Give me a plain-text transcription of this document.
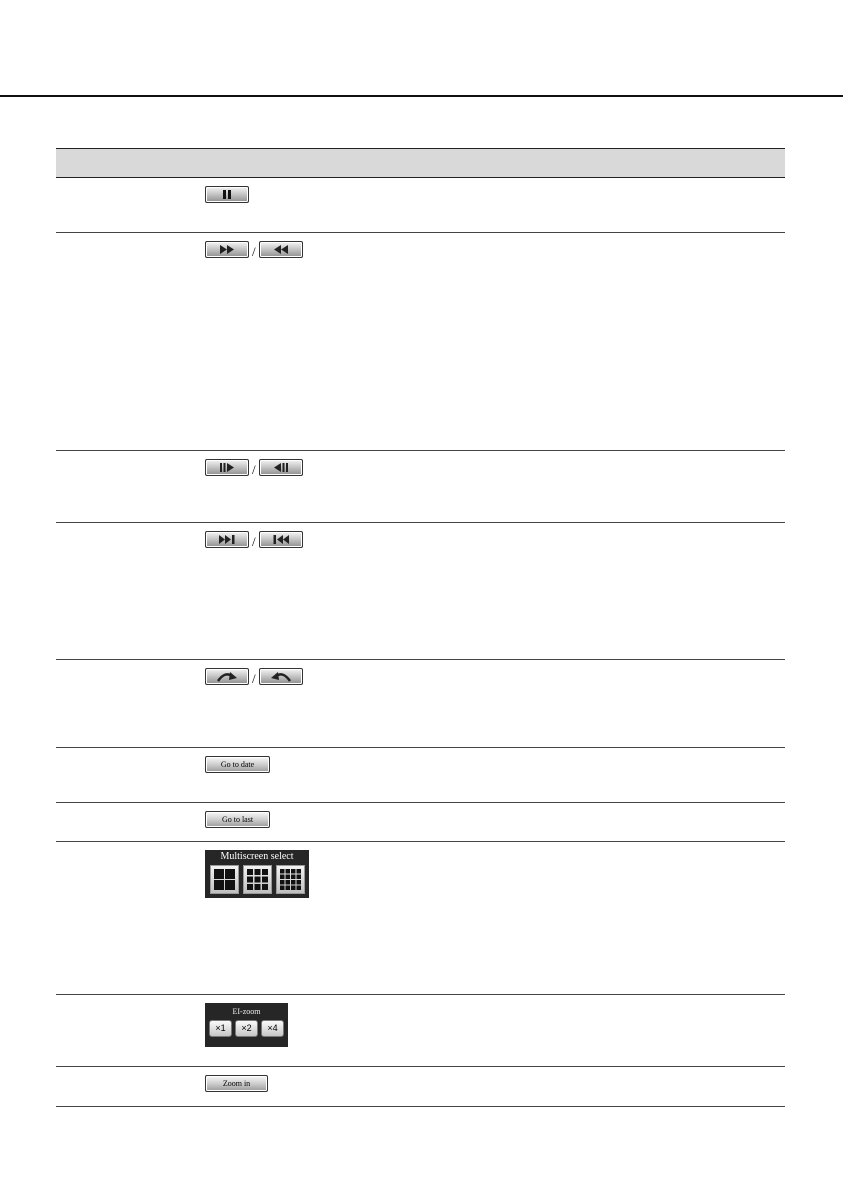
/
/
/
/
Go to date
Go to last
Multiscreen select
EI-zoom
×1	×2	×4
Zoom in
